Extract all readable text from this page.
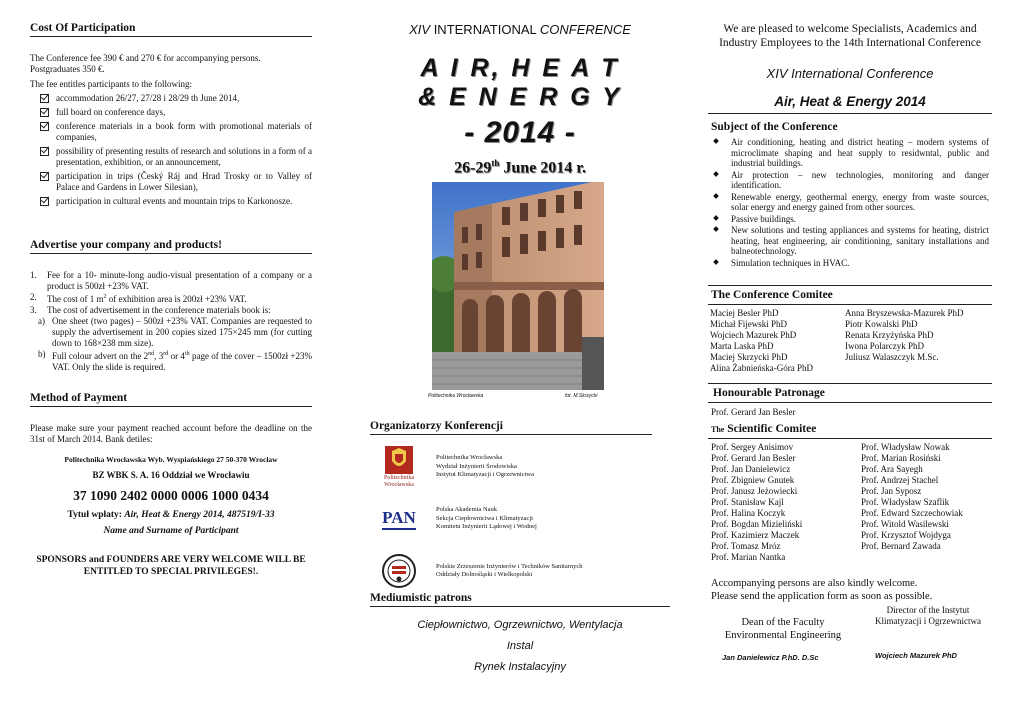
Cost Of Participation
The Conference fee 390 € and 270 € for accompanying persons. Postgraduates 350 €.
The fee entitles participants to the following:
accommodation 26/27, 27/28 i 28/29 th June 2014,
full board on conference days,
conference materials in a book form with promotional materials of companies,
possibility of presenting results of research and solutions in a form of a presentation, exhibition, or an announcement,
participation in trips (Český Ráj and Hrad Trosky or to Valley of Palace and Gardens in Lower Silesian),
participation in cultural events and mountain trips to Karkonosze.
Advertise your company and products!
1. Fee for a 10- minute-long audio-visual presentation of a company or a product is 500zł +23% VAT.
2. The cost of 1 $m^2$ of exhibition area is 200zł +23% VAT.
3. The cost of advertisement in the conference materials book is:
a) One sheet (two pages) – 500zł +23% VAT. Companies are requested to supply the advertisement in 200 copies sized 175×245 mm (for cutting down to 168×238 mm size).
b) Full colour advert on the 2nd, 3rd or 4th page of the cover – 1500zł +23% VAT. Only the slide is required.
Method of Payment
Please make sure your payment reached account before the deadline on the 31st of March 2014. Bank detiles:
Politechnika Wrocławska Wyb. Wyspiańskiego 27 50-370 Wrocław
BZ WBK S. A. 16 Oddział we Wrocławiu
37 1090 2402 0000 0006 1000 0434
Tytuł wpłaty: Air, Heat & Energy 2014, 487519/I-33
Name and Surname of Participant
SPONSORS and FOUNDERS ARE VERY WELCOME WILL BE ENTITLED TO SPECIAL PRIVILEGES!.
XIV INTERNATIONAL CONFERENCE
A I R, H E A T
& E N E R G Y
- 2014 -
26-29th June 2014 r.
Politechnika Wrocławska	fot. M.Skrzycki
Organizatorzy Konferencji
Politechnika Wrocławska
Politechnika Wrocławska
Wydział Inżynierii Środowiska
Instytut Klimatyzacji i Ogrzewnictwa
PAN	Polska Akademia Nauk
Sekcja Ciepłownictwa i Klimatyzacji
Komitetu Inżynierii Lądowej i Wodnej
Polskie Zrzeszenie Inżynierów i Techników Sanitarnych
Oddziały Dolnośląski i Wielkopolski
Mediumistic patrons
Ciepłownictwo, Ogrzewnictwo, Wentylacja
Instal
Rynek Instalacyjny
We are pleased to welcome Specialists, Academics and Industry Employees to the 14th International Conference
XIV International Conference
Air, Heat & Energy 2014
Subject of the Conference
Air conditioning, heating and district heating – modern systems of microclimate shaping and heat supply to residwntal, public and industrial buildings.
Air protection – new technologies, monitoring and danger identification.
Renewable energy, geothermal energy, energy from waste sources, solar energy and energy gained from other sources.
Passive buildings.
New solutions and testing appliances and systems for heating, district heating, heat engineering, air conditioning, sanitary installations and balneotechnology.
Simulation techniques in HVAC.
The Conference Comitee
Maciej Besler PhD
Michał Fijewski PhD
Wojciech Mazurek PhD
Marta Laska PhD
Maciej Skrzycki PhD
Alina Żabnieńska-Góra PhD
Anna Bryszewska-Mazurek PhD
Piotr Kowalski PhD
Renata Krzyżyńska PhD
Iwona Polarczyk PhD
Juliusz Walaszczyk M.Sc.
Honourable Patronage
Prof. Gerard Jan Besler
The Scientific Comitee
Prof. Sergey Anisimov
Prof. Gerard Jan Besler
Prof. Jan Danielewicz
Prof. Zbigniew Gnutek
Prof. Janusz Jeżowiecki
Prof. Stanisław Kajl
Prof. Halina Koczyk
Prof. Bogdan Mizieliński
Prof. Kazimierz Maczek
Prof. Tomasz Mróz
Prof. Marian Nantka
Prof. Władysław Nowak
Prof. Marian Rosiński
Prof. Ara Sayegh
Prof. Andrzej Stachel
Prof. Jan Syposz
Prof. Władysław Szaflik
Prof. Edward Szczechowiak
Prof. Witold Wasilewski
Prof. Krzysztof Wojdyga
Prof. Bernard Zawada
Accompanying persons are also kindly welcome.
Please send the application form as soon as possible.
Director of the Instytut
Klimatyzacji i Ogrzewnictwa
Dean of the Faculty
Environmental Engineering
Jan Danielewicz P.hD. D.Sc	Wojciech Mazurek PhD
